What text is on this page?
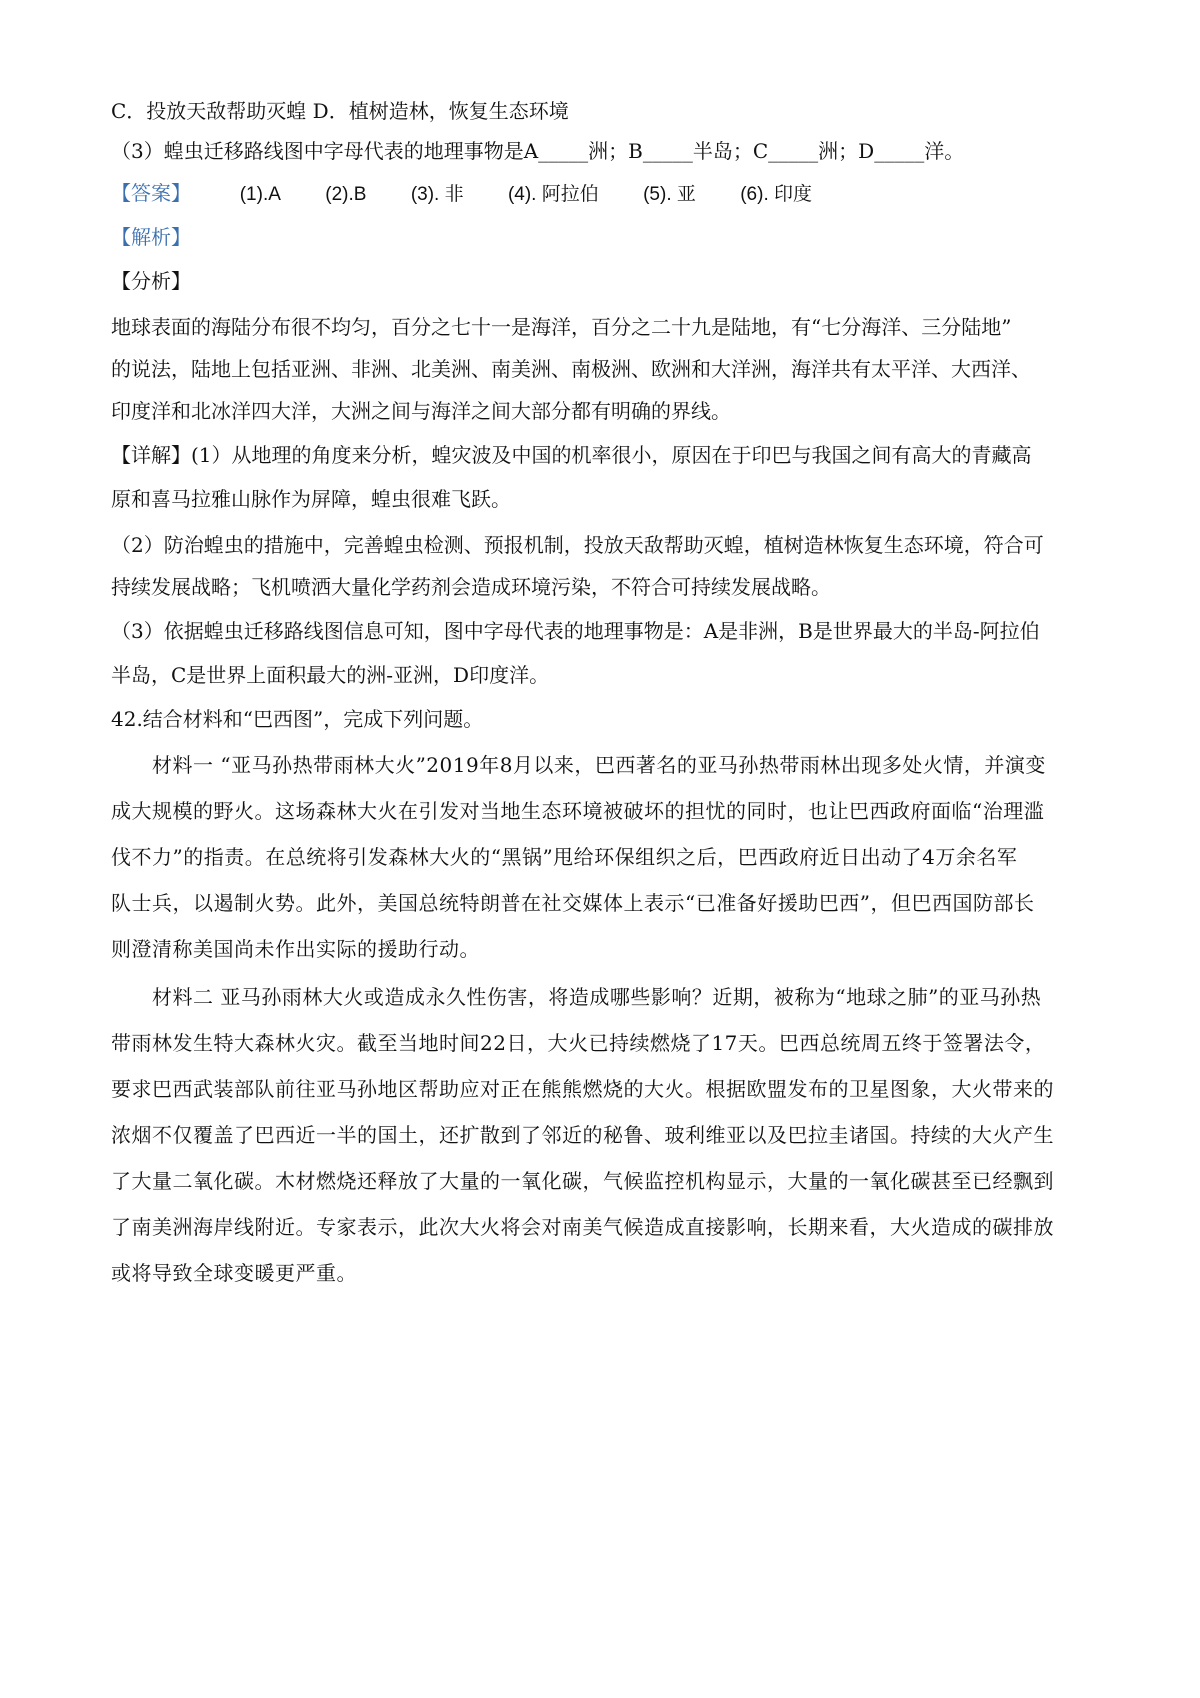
C．投放天敌帮助灭蝗 D．植树造林，恢复生态环境
（3）蝗虫迁移路线图中字母代表的地理事物是A_____洲；B_____半岛；C_____洲；D_____洋。
【答案】	(1).A (2).B (3). 非 (4). 阿拉伯 (5). 亚 (6). 印度
【解析】
【分析】
地球表面的海陆分布很不均匀，百分之七十一是海洋，百分之二十九是陆地，有“七分海洋、三分陆地”
的说法，陆地上包括亚洲、非洲、北美洲、南美洲、南极洲、欧洲和大洋洲，海洋共有太平洋、大西洋、
印度洋和北冰洋四大洋，大洲之间与海洋之间大部分都有明确的界线。
【详解】(1）从地理的角度来分析，蝗灾波及中国的机率很小，原因在于印巴与我国之间有高大的青藏高
原和喜马拉雅山脉作为屏障，蝗虫很难飞跃。
（2）防治蝗虫的措施中，完善蝗虫检测、预报机制，投放天敌帮助灭蝗，植树造林恢复生态环境，符合可
持续发展战略；飞机喷洒大量化学药剂会造成环境污染，不符合可持续发展战略。
（3）依据蝗虫迁移路线图信息可知，图中字母代表的地理事物是：A是非洲，B是世界最大的半岛-阿拉伯
半岛，C是世界上面积最大的洲-亚洲，D印度洋。
42.结合材料和“巴西图”，完成下列问题。
材料一 “亚马孙热带雨林大火”2019年8月以来，巴西著名的亚马孙热带雨林出现多处火情，并演变
成大规模的野火。这场森林大火在引发对当地生态环境被破坏的担忧的同时，也让巴西政府面临“治理滥
伐不力”的指责。在总统将引发森林大火的“黑锅”甩给环保组织之后，巴西政府近日出动了4万余名军
队士兵，以遏制火势。此外，美国总统特朗普在社交媒体上表示“已准备好援助巴西”，但巴西国防部长
则澄清称美国尚未作出实际的援助行动。
材料二 亚马孙雨林大火或造成永久性伤害，将造成哪些影响？近期，被称为“地球之肺”的亚马孙热
带雨林发生特大森林火灾。截至当地时间22日，大火已持续燃烧了17天。巴西总统周五终于签署法令，
要求巴西武装部队前往亚马孙地区帮助应对正在熊熊燃烧的大火。根据欧盟发布的卫星图象，大火带来的
浓烟不仅覆盖了巴西近一半的国土，还扩散到了邻近的秘鲁、玻利维亚以及巴拉圭诸国。持续的大火产生
了大量二氧化碳。木材燃烧还释放了大量的一氧化碳，气候监控机构显示，大量的一氧化碳甚至已经飘到
了南美洲海岸线附近。专家表示，此次大火将会对南美气候造成直接影响，长期来看，大火造成的碳排放
或将导致全球变暖更严重。
